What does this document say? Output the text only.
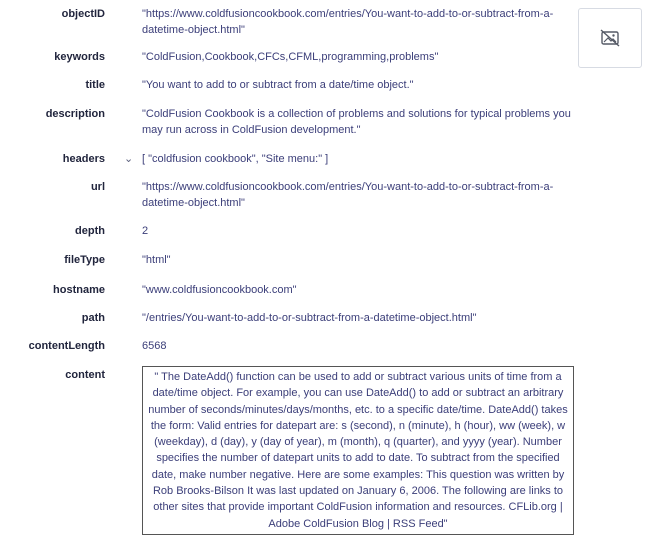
objectID	"https://www.coldfusioncookbook.com/entries/You-want-to-add-to-or-subtract-from-a-datetime-object.html"
keywords	"ColdFusion,Cookbook,CFCs,CFML,programming,problems"
title	"You want to add to or subtract from a date/time object."
description	"ColdFusion Cookbook is a collection of problems and solutions for typical problems you may run across in ColdFusion development."
headers ⌄ [ "coldfusion cookbook", "Site menu:" ]
url	"https://www.coldfusioncookbook.com/entries/You-want-to-add-to-or-subtract-from-a-datetime-object.html"
depth	2
fileType	"html"
hostname	"www.coldfusioncookbook.com"
path	"/entries/You-want-to-add-to-or-subtract-from-a-datetime-object.html"
contentLength	6568
content	" The DateAdd() function can be used to add or subtract various units of time from a date/time object. For example, you can use DateAdd() to add or subtract an arbitrary number of seconds/minutes/days/months, etc. to a specific date/time. DateAdd() takes the form: Valid entries for datepart are: s (second), n (minute), h (hour), ww (week), w (weekday), d (day), y (day of year), m (month), q (quarter), and yyyy (year). Number specifies the number of datepart units to add to date. To subtract from the specified date, make number negative. Here are some examples: This question was written by Rob Brooks-Bilson It was last updated on January 6, 2006. The following are links to other sites that provide important ColdFusion information and resources. CFLib.org | Adobe ColdFusion Blog | RSS Feed"
